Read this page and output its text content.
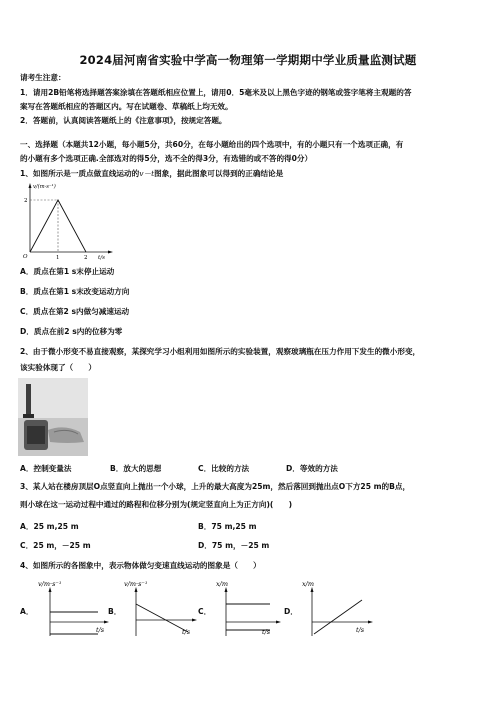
2024届河南省实验中学高一物理第一学期期中学业质量监测试题
请考生注意：
1．请用2B铅笔将选择题答案涂填在答题纸相应位置上，请用0．5毫米及以上黑色字迹的钢笔或签字笔将主观题的答
案写在答题纸相应的答题区内。写在试题卷、草稿纸上均无效。
2．答题前，认真阅读答题纸上的《注意事项》，按规定答题。
一、选择题（本题共12小题，每小题5分，共60分，在每小题给出的四个选项中，有的小题只有一个选项正确，有
的小题有多个选项正确.全部选对的得5分，选不全的得3分，有选错的或不答的得0分）
1、如图所示是一质点做直线运动的v－t图象，据此图象可以得到的正确结论是
v/(m·s⁻¹)
2
O	1	2 t/s
A．质点在第1 s末停止运动
B．质点在第1 s末改变运动方向
C．质点在第2 s内做匀减速运动
D．质点在前2 s内的位移为零
2、由于微小形变不易直接观察，某探究学习小组利用如图所示的实验装置，观察玻璃瓶在压力作用下发生的微小形变，
该实验体现了（　　）
A．控制变量法	B．放大的思想	C．比较的方法	D．等效的方法
3、某人站在楼房顶层O点竖直向上抛出一个小球，上升的最大高度为25m，然后落回到抛出点O下方25 m的B点，
则小球在这一运动过程中通过的路程和位移分别为(规定竖直向上为正方向)(　　)
A．25 m,25 m	B．75 m,25 m
C．25 m，－25 m	D．75 m，－25 m
4、如图所示的各图象中，表示物体做匀变速直线运动的图象是（　　）
A．	B．	C．	D．
v/m·s⁻¹
t/s
v/m·s⁻¹
t/s
x/m
t/s
x/m
t/s
